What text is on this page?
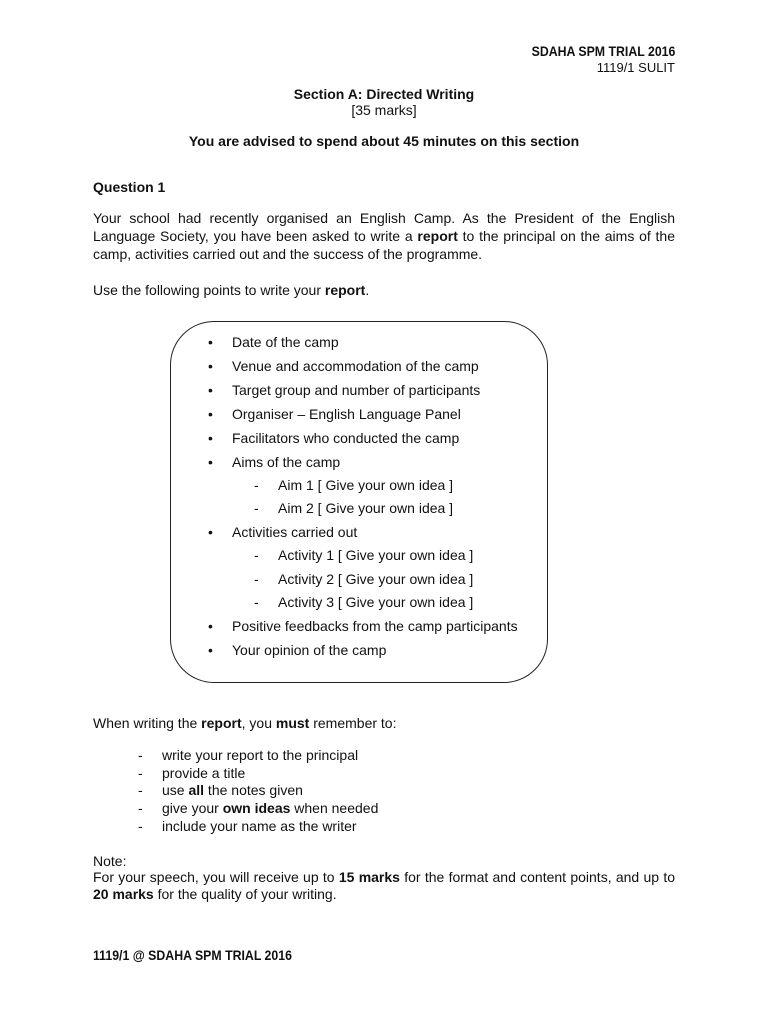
SDAHA SPM TRIAL 2016
1119/1 SULIT
Section A: Directed Writing
[35 marks]
You are advised to spend about 45 minutes on this section
Question 1
Your school had recently organised an English Camp. As the President of the English Language Society, you have been asked to write a report to the principal on the aims of the camp, activities carried out and the success of the programme.
Use the following points to write your report.
• Date of the camp
• Venue and accommodation of the camp
• Target group and number of participants
• Organiser – English Language Panel
• Facilitators who conducted the camp
• Aims of the camp
- Aim 1 [ Give your own idea ]
- Aim 2 [ Give your own idea ]
• Activities carried out
- Activity 1 [ Give your own idea ]
- Activity 2 [ Give your own idea ]
- Activity 3 [ Give your own idea ]
• Positive feedbacks from the camp participants
• Your opinion of the camp
When writing the report, you must remember to:
- write your report to the principal
- provide a title
- use all the notes given
- give your own ideas when needed
- include your name as the writer
Note:
For your speech, you will receive up to 15 marks for the format and content points, and up to 20 marks for the quality of your writing.
1119/1 @ SDAHA SPM TRIAL 2016
